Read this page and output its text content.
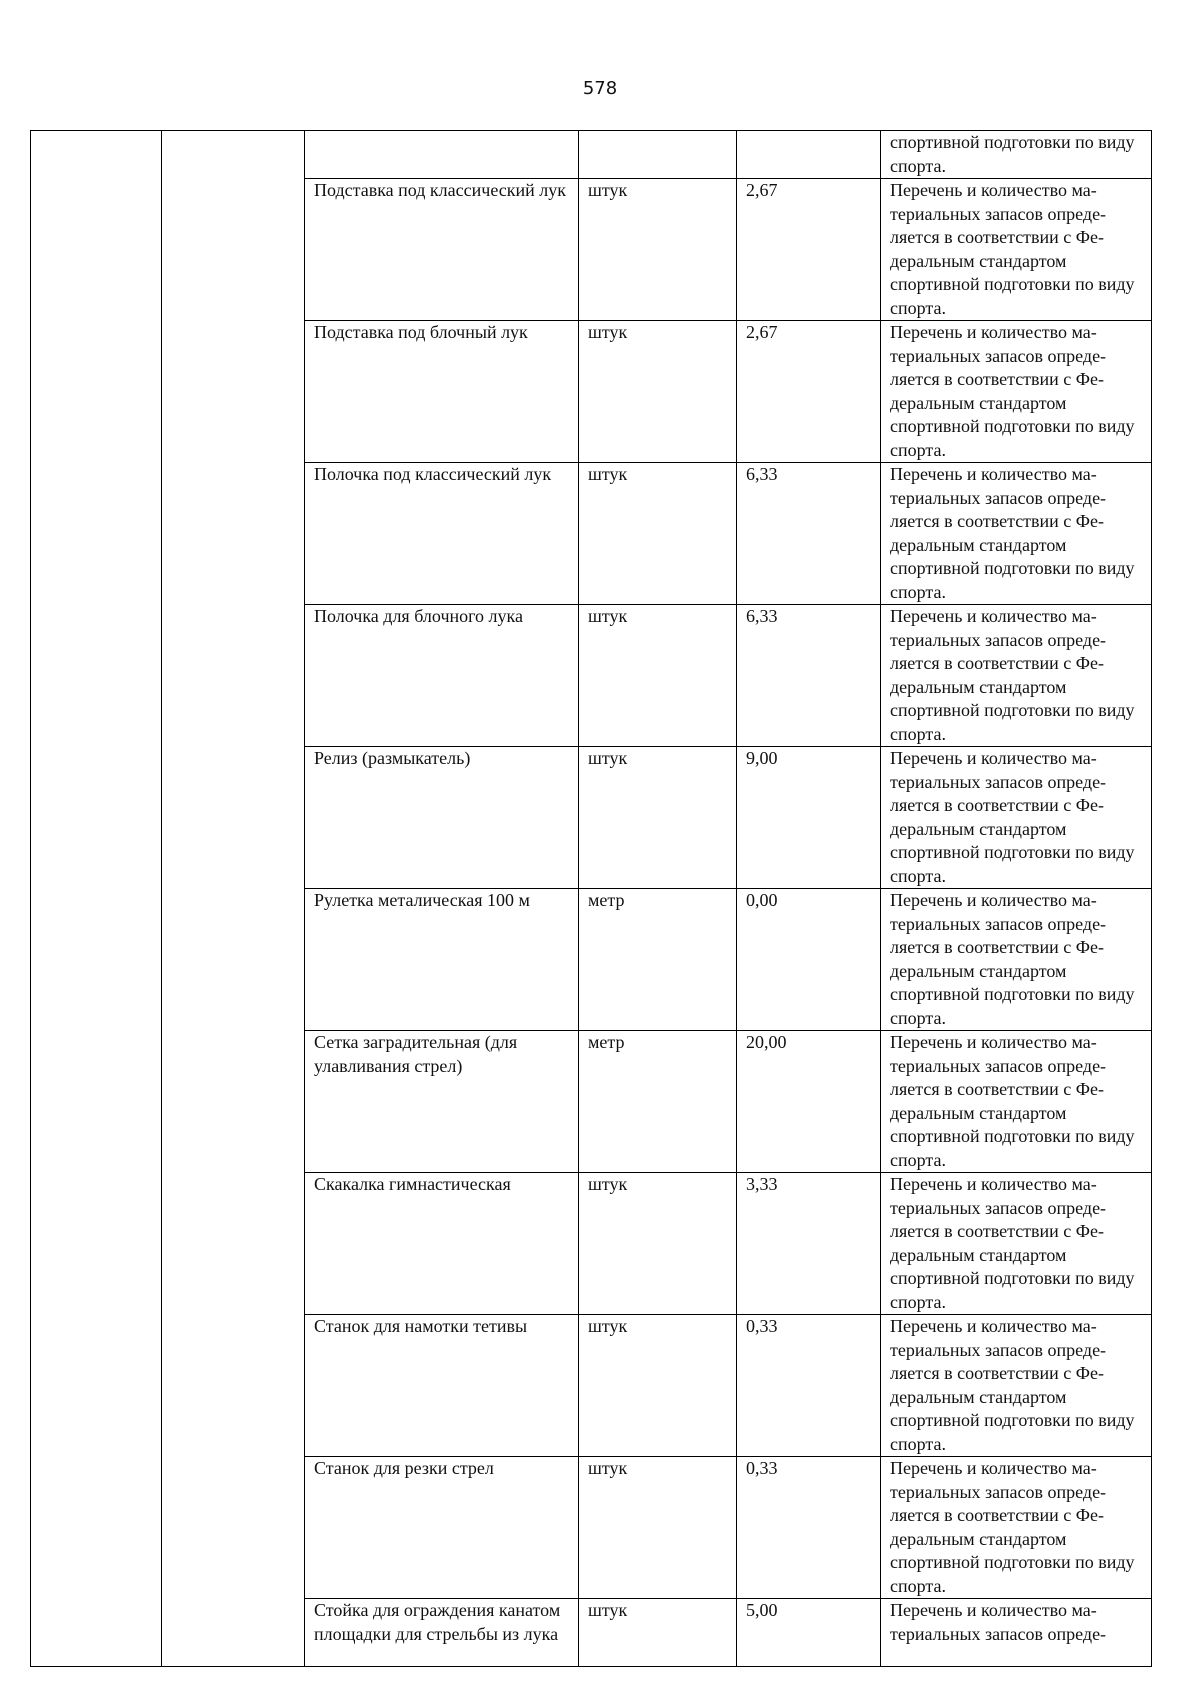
578
					спортивной подготовки по виду спорта.
		Подставка под классический лук	штук	2,67	Перечень и количество ма-териальных запасов опреде-ляется в соответствии с Фе-деральным стандартом спортивной подготовки по виду спорта.
		Подставка под блочный лук	штук	2,67	Перечень и количество ма-териальных запасов опреде-ляется в соответствии с Фе-деральным стандартом спортивной подготовки по виду спорта.
		Полочка под классический лук	штук	6,33	Перечень и количество ма-териальных запасов опреде-ляется в соответствии с Фе-деральным стандартом спортивной подготовки по виду спорта.
		Полочка для блочного лука	штук	6,33	Перечень и количество ма-териальных запасов опреде-ляется в соответствии с Фе-деральным стандартом спортивной подготовки по виду спорта.
		Релиз (размыкатель)	штук	9,00	Перечень и количество ма-териальных запасов опреде-ляется в соответствии с Фе-деральным стандартом спортивной подготовки по виду спорта.
		Рулетка металическая 100 м	метр	0,00	Перечень и количество ма-териальных запасов опреде-ляется в соответствии с Фе-деральным стандартом спортивной подготовки по виду спорта.
		Сетка заградительная (для улавливания стрел)	метр	20,00	Перечень и количество ма-териальных запасов опреде-ляется в соответствии с Фе-деральным стандартом спортивной подготовки по виду спорта.
		Скакалка гимнастическая	штук	3,33	Перечень и количество ма-териальных запасов опреде-ляется в соответствии с Фе-деральным стандартом спортивной подготовки по виду спорта.
		Станок для намотки тетивы	штук	0,33	Перечень и количество ма-териальных запасов опреде-ляется в соответствии с Фе-деральным стандартом спортивной подготовки по виду спорта.
		Станок для резки стрел	штук	0,33	Перечень и количество ма-териальных запасов опреде-ляется в соответствии с Фе-деральным стандартом спортивной подготовки по виду спорта.
		Стойка для ограждения канатом площадки для стрельбы из лука	штук	5,00	Перечень и количество ма-териальных запасов опреде-
